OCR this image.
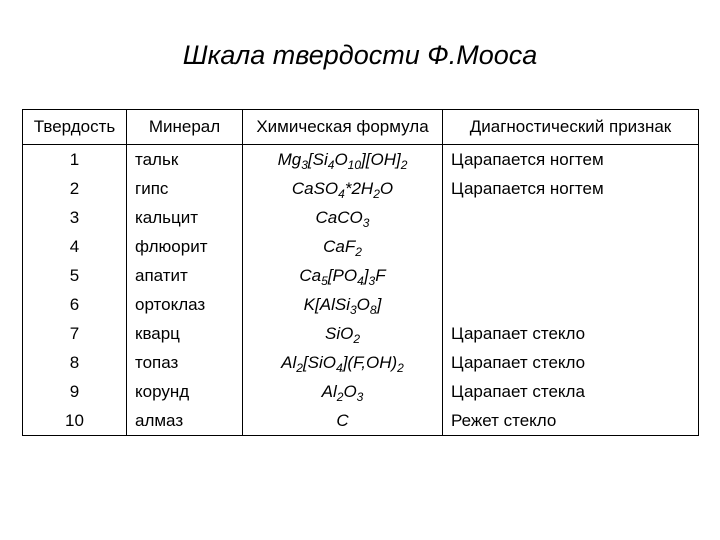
Шкала твердости Ф.Мооса
Твердость	Минерал	Химическая формула	Диагностический признак
1	тальк	$Mg_3[Si_4O_{10}][OH]_2$	Царапается ногтем
2	гипс	$CaSO_4*2H_2O$	Царапается ногтем
3	кальцит	CaCO$_3$	
4	флюорит	CaF$_2$	
5	апатит	$Ca_5[PO_4]_3F$	
6	ортоклаз	$K[AlSi_3O_8]$	
7	кварц	SiO$_2$	Царапает стекло
8	топаз	$Al_2[SiO_4](F,OH)_2$	Царапает стекло
9	корунд	$Al_2O_3$	Царапает стекла
10	алмаз	C	Режет стекло
